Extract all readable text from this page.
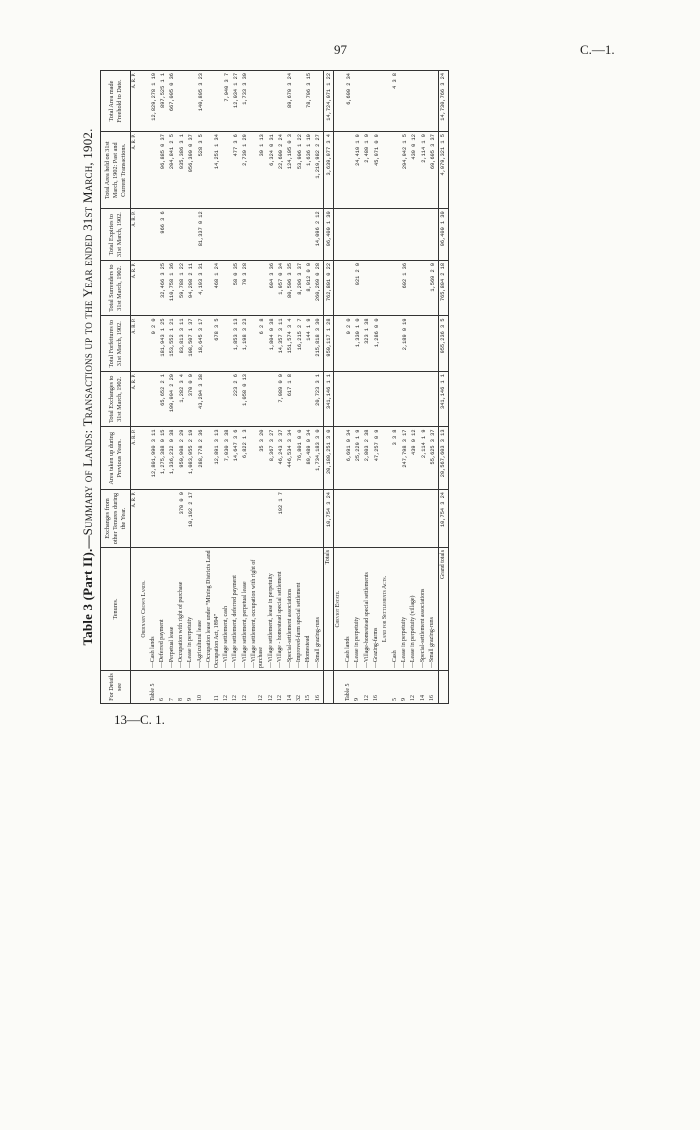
97	C.—1.
Table 3 (Part II).—Summary of Lands: Transactions up to the Year ended 31st March, 1902.
For Details see	Tenures.	Exchanges from other Tenures during the Year.	Area taken up during Previous Years.	Total Exchanges to 31st March, 1902.	Total Forfeitures to 31st March, 1902.	Total Surrenders to 31st March, 1902.	Total Expiries to 31st March, 1902.	Total Area held on 31st March, 1902: Past and Current Transactions.	Total Area made Freehold to Date.
		A. R. P.	A. R. P.	A. R. P.	A. R. P.	A. R. P.	A. R. P.	A. R. P.	A. R. P.
	Ordinary Crown Lands.								
Table 5	—Cash lands		12,801,990 3 11		0 2 0				12,829,278 1 19
6	—Deferred payment		1,275,388 0 15	65,652 2 1	181,943 1 25	32,466 3 25	966 3 6	96,885 0 37	897,525 1 1
7	—Perpetual lease		1,336,232 0 38	199,994 2 20	153,552 1 21	110,758 1 36		204,841 2 5	667,095 0 36
8	—Occupation with right of purchase	370 0 0	950,908 2 29	1,282 3 4	83,813 3 11	59,788 1 22		935,386 3 1	
9	—Lease in perpetuity	10,192 2 17	1,083,955 2 19	370 0 0	108,507 1 37	94,298 2 11		956,390 0 37	
10	—Agricultural lease		288,778 2 36	43,204 3 38	18,645 3 17	4,193 3 31	81,337 0 12	528 3 5	140,895 3 23
11	—Occupation lease under “Mining Districts Land Occupation Act, 1894”		12,891 3 13		678 3 5	468 1 24		14,251 1 34	
12	—Village settlement, cash		7,030 3 38						7,040 3 7
12	—Village settlement, deferred payment		14,647 3 6	223 2 6	1,853 3 13	58 0 35		477 3 6	12,034 1 27
12	—Village settlement, perpetual lease		6,822 1 3	1,058 0 13	1,198 3 23	70 3 28		2,730 1 29	1,733 3 30
12	—Village settlement, occupation with right of purchase		35 3 20		6 2 8			30 1 13	
12	—Village settlement, lease in perpetuity		8,367 3 27		1,804 0 38	694 3 36		6,324 0 31	
12	—Village - homestead special settlement	192 1 7	46,243 3 37	7,989 0 0	14,357 3 11	1,957 0 34		22,600 2 24	
14	—Special-settlement associations		446,534 3 34	617 1 8	151,574 3 4	80,506 3 35		124,105 0 3	89,670 3 24
32	—Improved-farm special settlement		76,801 0 0		16,215 2 7	8,296 3 37		53,906 1 22	
15	—Homestead		89,489 0 34		144 1 9	8,912 0 0		1,636 1 10	78,796 3 15
16	—Small grazing-runs		1,734,183 3 0	20,723 3 1	215,818 3 30	260,269 0 28	14,096 2 12	1,219,982 2 27	
	Totals	10,754 3 24	20,180,251 3 0	341,146 1 1	950,117 1 28	762,801 0 22	96,400 1 30	3,639,977 3 4	14,724,071 1 22
	Cheviot Estate.								
Table 5	—Cash lands		6,691 0 34		0 2 0				6,690 2 34
9	—Lease in perpetuity		25,229 1 9		1,330 1 0	921 2 0		24,410 1 9	
12	—Village-homestead special settlements		2,803 2 38		323 1 38			2,480 1 0	
16	—Grazing-farms		47,257 0 9		1,286 0 0			45,971 0 9	
	Land for Settlements Acts.								
5	—Cash		3 3 8						4 3 8
9	—Lease in perpetuity		247,798 3 17		2,189 0 19	602 1 36		294,942 1 5	
12	—Lease in perpetuity (village)		439 0 12					439 0 12	
14	—Special-settlement associations		2,114 1 9					2,114 1 9	
16	—Small grazing-runs		55,625 3 37			1,569 2 0		69,695 3 37	
	Grand totals	10,754 3 24	20,567,603 3 13	341,146 1 1	955,236 3 5	765,894 2 18	96,400 1 30	4,079,321 1 5	14,730,766 3 24
13—C. 1.
